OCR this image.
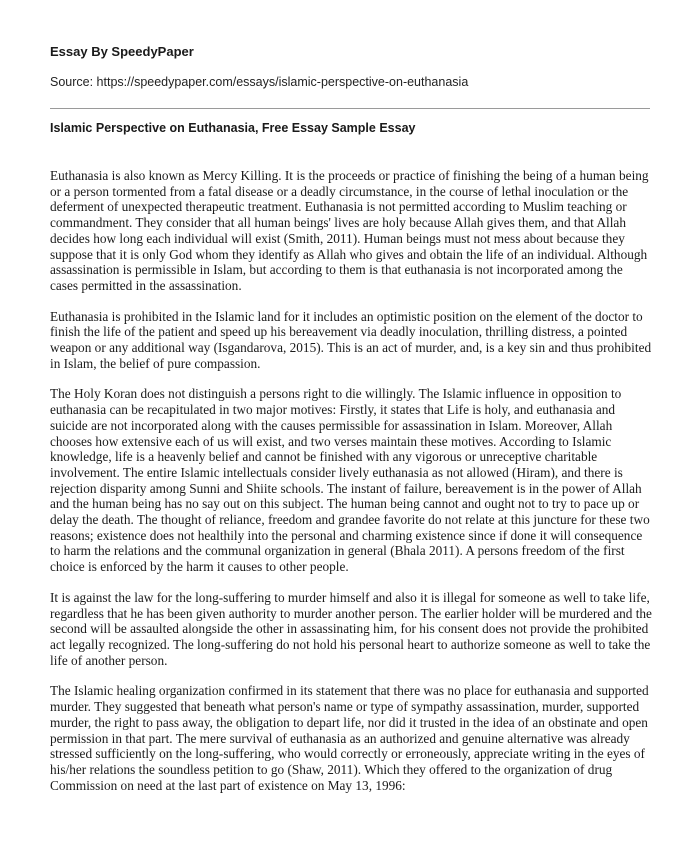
Essay By SpeedyPaper

Source: https://speedypaper.com/essays/islamic-perspective-on-euthanasia

Islamic Perspective on Euthanasia, Free Essay Sample Essay

Euthanasia is also known as Mercy Killing. It is the proceeds or practice of finishing the being of a human being or a person tormented from a fatal disease or a deadly circumstance, in the course of lethal inoculation or the deferment of unexpected therapeutic treatment. Euthanasia is not permitted according to Muslim teaching or commandment. They consider that all human beings' lives are holy because Allah gives them, and that Allah decides how long each individual will exist (Smith, 2011). Human beings must not mess about because they suppose that it is only God whom they identify as Allah who gives and obtain the life of an individual. Although assassination is permissible in Islam, but according to them is that euthanasia is not incorporated among the cases permitted in the assassination.

Euthanasia is prohibited in the Islamic land for it includes an optimistic position on the element of the doctor to finish the life of the patient and speed up his bereavement via deadly inoculation, thrilling distress, a pointed weapon or any additional way (Isgandarova, 2015). This is an act of murder, and, is a key sin and thus prohibited in Islam, the belief of pure compassion.

The Holy Koran does not distinguish a persons right to die willingly. The Islamic influence in opposition to euthanasia can be recapitulated in two major motives: Firstly, it states that Life is holy, and euthanasia and suicide are not incorporated along with the causes permissible for assassination in Islam. Moreover, Allah chooses how extensive each of us will exist, and two verses maintain these motives. According to Islamic knowledge, life is a heavenly belief and cannot be finished with any vigorous or unreceptive charitable involvement. The entire Islamic intellectuals consider lively euthanasia as not allowed (Hiram), and there is rejection disparity among Sunni and Shiite schools. The instant of failure, bereavement is in the power of Allah and the human being has no say out on this subject. The human being cannot and ought not to try to pace up or delay the death. The thought of reliance, freedom and grandee favorite do not relate at this juncture for these two reasons; existence does not healthily into the personal and charming existence since if done it will consequence to harm the relations and the communal organization in general (Bhala 2011). A persons freedom of the first choice is enforced by the harm it causes to other people.

It is against the law for the long-suffering to murder himself and also it is illegal for someone as well to take life, regardless that he has been given authority to murder another person. The earlier holder will be murdered and the second will be assaulted alongside the other in assassinating him, for his consent does not provide the prohibited act legally recognized. The long-suffering do not hold his personal heart to authorize someone as well to take the life of another person.

The Islamic healing organization confirmed in its statement that there was no place for euthanasia and supported murder. They suggested that beneath what person's name or type of sympathy assassination, murder, supported murder, the right to pass away, the obligation to depart life, nor did it trusted in the idea of an obstinate and open permission in that part. The mere survival of euthanasia as an authorized and genuine alternative was already stressed sufficiently on the long-suffering, who would correctly or erroneously, appreciate writing in the eyes of his/her relations the soundless petition to go (Shaw, 2011). Which they offered to the organization of drug Commission on need at the last part of existence on May 13, 1996:
